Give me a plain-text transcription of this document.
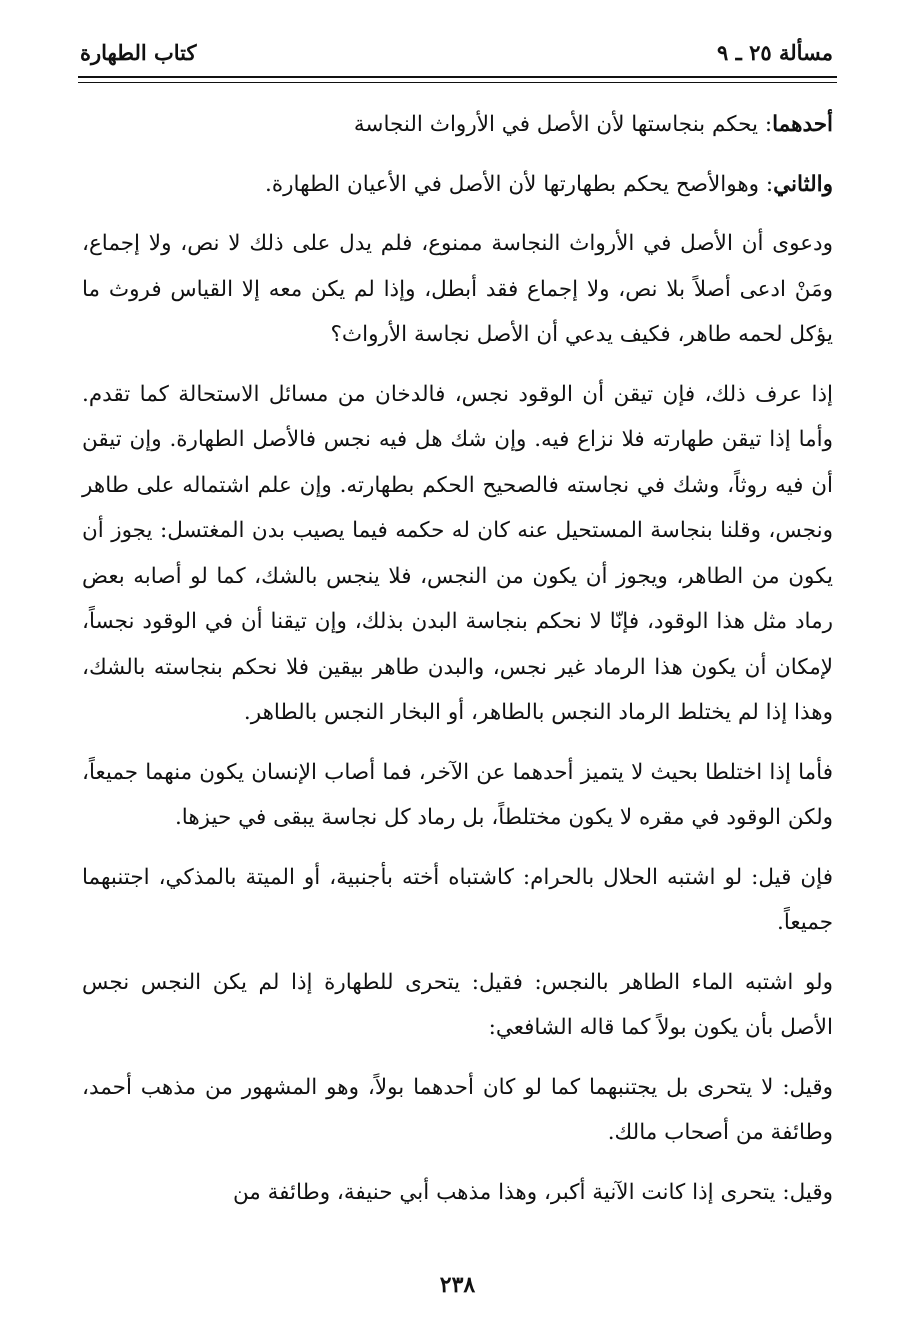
مسألة ٢٥ ـ ٩
كتاب الطهارة

أحدهما: يحكم بنجاستها لأن الأصل في الأرواث النجاسة

والثاني: وهوالأصح يحكم بطهارتها لأن الأصل في الأعيان الطهارة.

ودعوى أن الأصل في الأرواث النجاسة ممنوع، فلم يدل على ذلك لا نص، ولا إجماع، ومَنْ ادعى أصلاً بلا نص، ولا إجماع فقد أبطل، وإذا لم يكن معه إلا القياس فروث ما يؤكل لحمه طاهر، فكيف يدعي أن الأصل نجاسة الأرواث؟

إذا عرف ذلك، فإن تيقن أن الوقود نجس، فالدخان من مسائل الاستحالة كما تقدم. وأما إذا تيقن طهارته فلا نزاع فيه. وإن شك هل فيه نجس فالأصل الطهارة. وإن تيقن أن فيه روثاً، وشك في نجاسته فالصحيح الحكم بطهارته. وإن علم اشتماله على طاهر ونجس، وقلنا بنجاسة المستحيل عنه كان له حكمه فيما يصيب بدن المغتسل: يجوز أن يكون من الطاهر، ويجوز أن يكون من النجس، فلا ينجس بالشك، كما لو أصابه بعض رماد مثل هذا الوقود، فإنّا لا نحكم بنجاسة البدن بذلك، وإن تيقنا أن في الوقود نجساً، لإمكان أن يكون هذا الرماد غير نجس، والبدن طاهر بيقين فلا نحكم بنجاسته بالشك، وهذا إذا لم يختلط الرماد النجس بالطاهر، أو البخار النجس بالطاهر.

فأما إذا اختلطا بحيث لا يتميز أحدهما عن الآخر، فما أصاب الإنسان يكون منهما جميعاً، ولكن الوقود في مقره لا يكون مختلطاً، بل رماد كل نجاسة يبقى في حيزها.

فإن قيل: لو اشتبه الحلال بالحرام: كاشتباه أخته بأجنبية، أو الميتة بالمذكي، اجتنبهما جميعاً.

ولو اشتبه الماء الطاهر بالنجس: فقيل: يتحرى للطهارة إذا لم يكن النجس نجس الأصل بأن يكون بولاً كما قاله الشافعي:

وقيل: لا يتحرى بل يجتنبهما كما لو كان أحدهما بولاً، وهو المشهور من مذهب أحمد، وطائفة من أصحاب مالك.

وقيل: يتحرى إذا كانت الآنية أكبر، وهذا مذهب أبي حنيفة، وطائفة من

٢٣٨
